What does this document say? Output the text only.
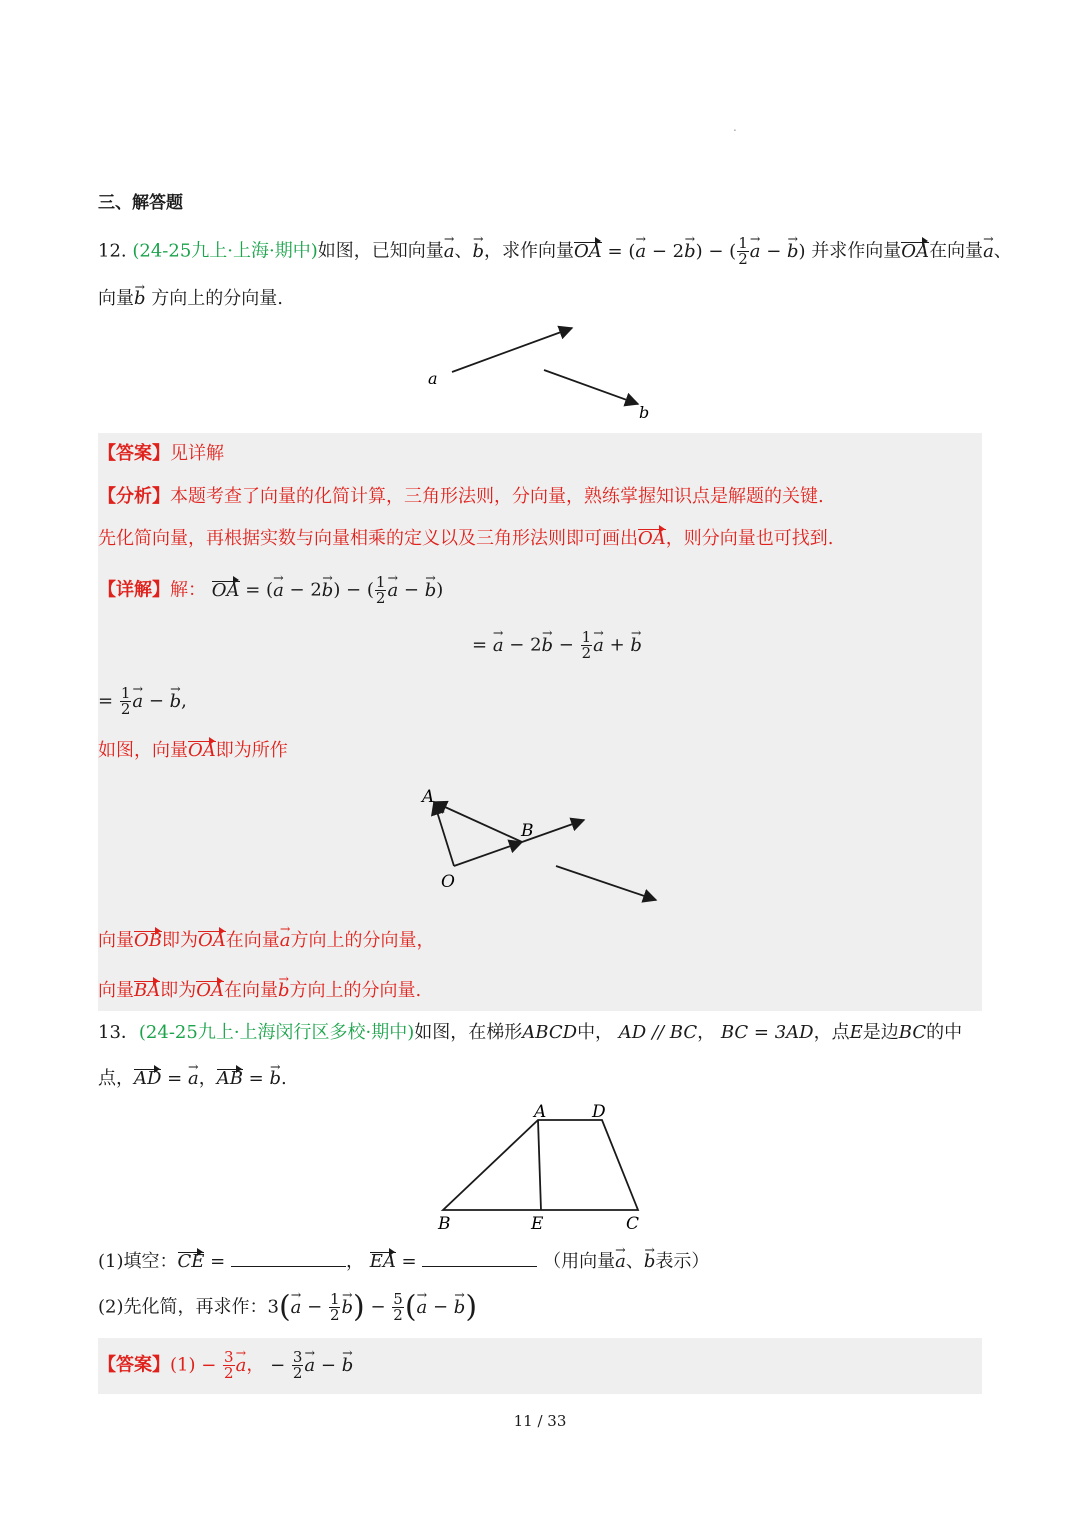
.
三、解答题
12. (24-25九上·上海·期中)如图，已知向量→ a、→ b，求作向量OA = (→ a − 2→ b) − ( $\frac{1}{2}$
→ a − → b) 并求作向量OA在向量→ a、
向量→ b 方向上的分向量.
a
b
【答案】见详解
【分析】本题考查了向量的化简计算，三角形法则，分向量，熟练掌握知识点是解题的关键.
先化简向量，再根据实数与向量相乘的定义以及三角形法则即可画出OA，则分向量也可找到.
【详解】解： OA = (→ a − 2→ b) − ( $\frac{1}{2}$
→ a − → b)
= → $a - 2\to b - \frac{1}{2}$
→ a + → b
= $\frac{1}{2}$
→ a − → b,
如图，向量OA即为所作
A
B
O
向量OB即为OA在向量→ a方向上的分向量，
向量BA即为OA在向量→ b方向上的分向量.
13．(24-25九上·上海闵行区多校·期中)如图，在梯形ABCD中， AD // BC， BC = 3AD，点E是边BC的中
点，AD = → a，AB = → b.
A	D
B	E	C
(1)填空：CE =	， EA =	（用向量→ a、→ b表示）
(2)先化简，再求作：$3(\to a - \frac{1}{2}$
→ $b) - \frac{5}{2}$ (→ a − → b)
【答案】$(1) - \frac{3}{2}$
→ a， − $\frac{3}{2}$
→ a − → b
11 / 33
